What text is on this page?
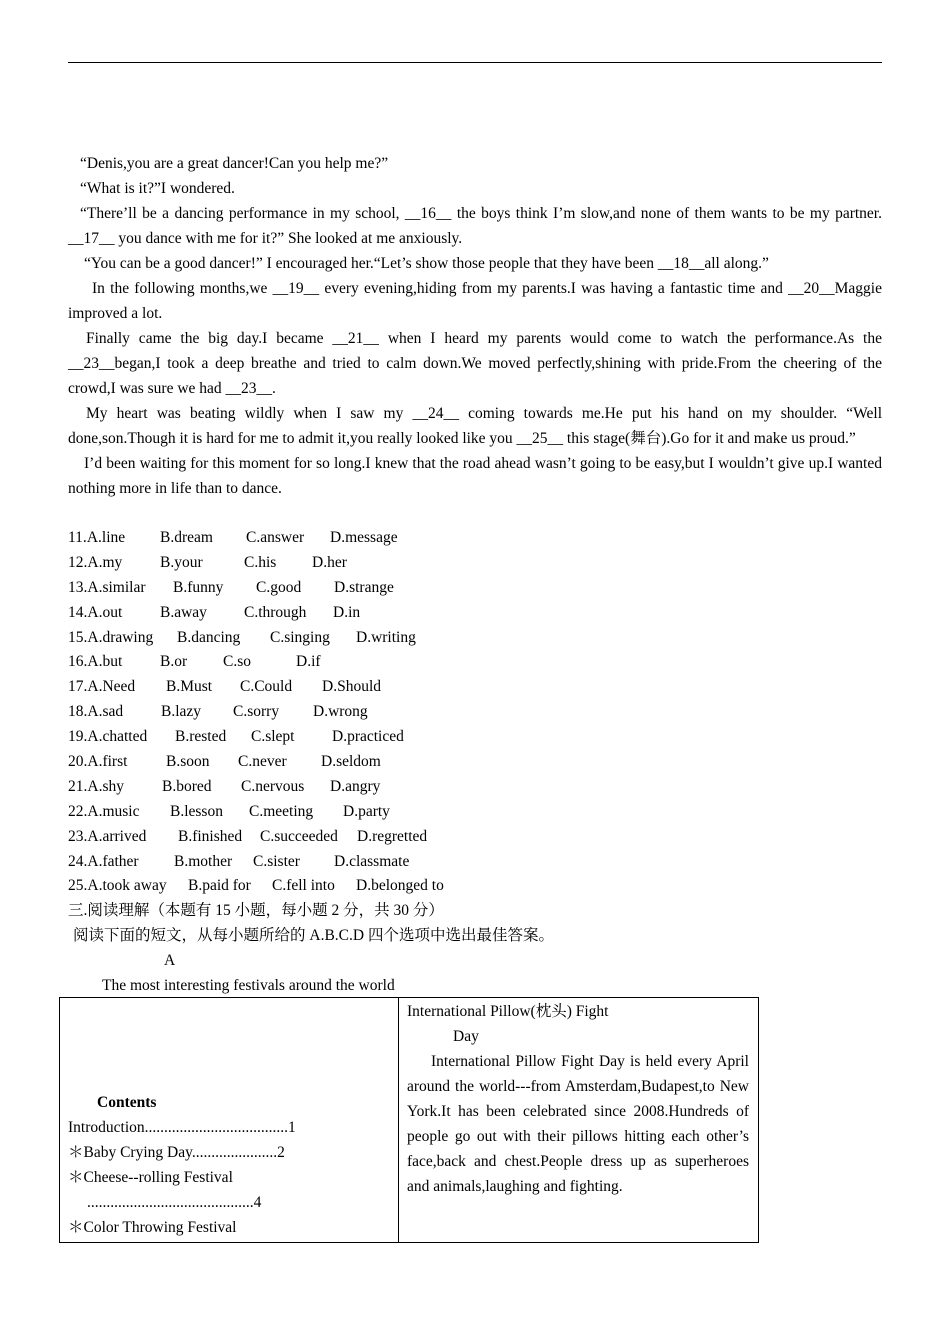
“Denis,you are a great dancer!Can you help me?”

“What is it?”I wondered.

“There’ll be a dancing performance in my school, __16__ the boys think I’m slow,and none of them wants to be my partner. __17__ you dance with me for it?” She looked at me anxiously.

“You can be a good dancer!” I encouraged her.“Let’s show those people that they have been __18__all along.”

In the following months,we __19__ every evening,hiding from my parents.I was having a fantastic time and __20__Maggie improved a lot.

Finally came the big day.I became __21__ when I heard my parents would come to watch the performance.As the __23__began,I took a deep breathe and tried to calm down.We moved perfectly,shining with pride.From the cheering of the crowd,I was sure we had __23__.

My heart was beating wildly when I saw my __24__ coming towards me.He put his hand on my shoulder. “Well done,son.Though it is hard for me to admit it,you really looked like you __25__ this stage(舞台).Go for it and make us proud.”

I’d been waiting for this moment for so long.I knew that the road ahead wasn’t going to be easy,but I wouldn’t give up.I wanted nothing more in life than to dance.

11.A.line B.dream C.answer D.message
12.A.my B.your	C.his D.her
13.A.similar B.funny C.good D.strange
14.A.out B.away C.through D.in
15.A.drawing B.dancing C.singing D.writing
16.A.but B.or C.so	D.if
17.A.Need B.Must C.Could D.Should
18.A.sad B.lazy C.sorry D.wrong
19.A.chatted B.rested C.slept D.practiced
20.A.first B.soon C.never D.seldom
21.A.shy B.bored C.nervous D.angry
22.A.music B.lesson C.meeting D.party
23.A.arrived B.finished C.succeeded D.regretted
24.A.father B.mother C.sister D.classmate
25.A.took away B.paid for C.fell into D.belonged to
三.阅读理解（本题有 15 小题，每小题 2 分，共 30 分）
阅读下面的短文，从每小题所给的 A.B.C.D 四个选项中选出最佳答案。
A
The most interesting festivals around the world
Contents
Introduction.....................................1
＊Baby Crying Day......................2
＊Cheese--rolling Festival
...........................................4
＊Color Throwing Festival

International Pillow(枕头) Fight
Day
International Pillow Fight Day is held every April around the world---from Amsterdam,Budapest,to New York.It has been celebrated since 2008.Hundreds of people go out with their pillows hitting each other’s face,back and chest.People dress up as superheroes and animals,laughing and fighting.
